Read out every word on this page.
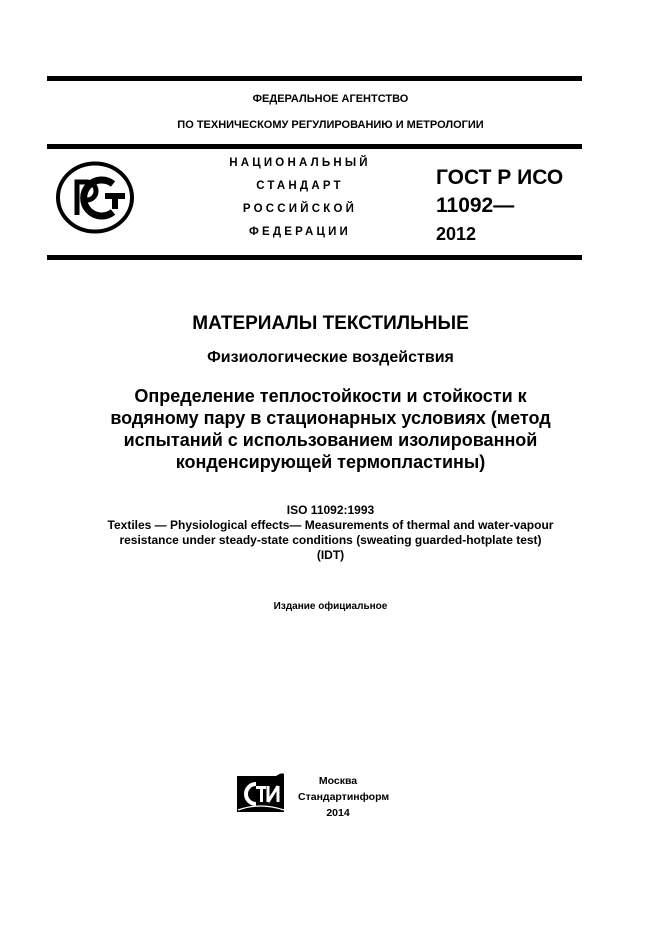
ФЕДЕРАЛЬНОЕ АГЕНТСТВО
ПО ТЕХНИЧЕСКОМУ РЕГУЛИРОВАНИЮ И МЕТРОЛОГИИ
НАЦИОНАЛЬНЫЙ
СТАНДАРТ
РОССИЙСКОЙ
ФЕДЕРАЦИИ
ГОСТ Р ИСО
11092—
2012
МАТЕРИАЛЫ ТЕКСТИЛЬНЫЕ
Физиологические воздействия
Определение теплостойкости и стойкости к
водяному пару в стационарных условиях (метод
испытаний с использованием изолированной
конденсирующей термопластины)
ISO 11092:1993
Textiles — Physiological effects— Measurements of thermal and water-vapour
resistance under steady-state conditions (sweating guarded-hotplate test)
(IDT)
Издание официальное
Москва
Стандартинформ
2014
